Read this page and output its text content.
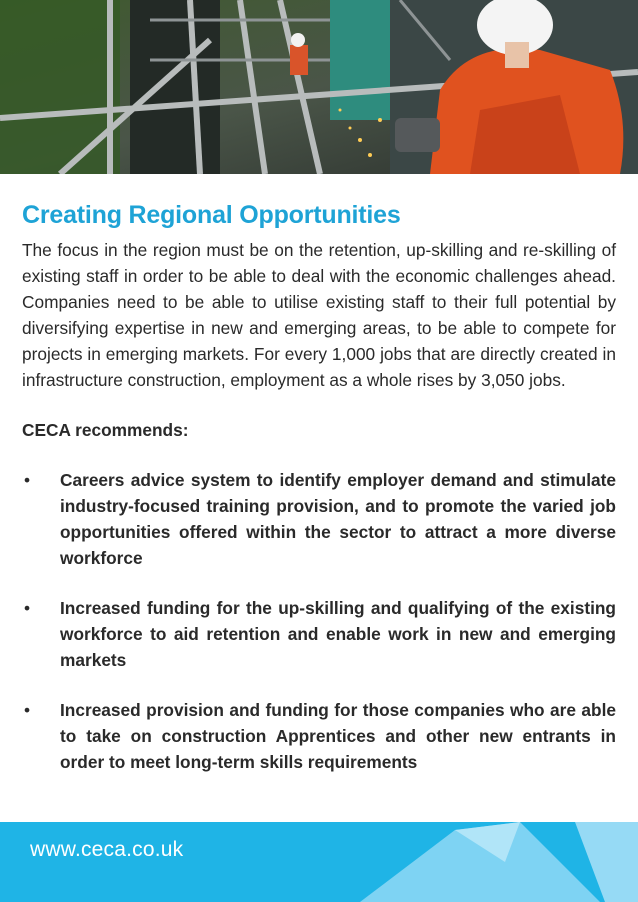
Creating Regional Opportunities

The focus in the region must be on the retention, up-skilling and re-skilling of existing staff in order to be able to deal with the economic challenges ahead. Companies need to be able to utilise existing staff to their full potential by diversifying expertise in new and emerging areas, to be able to compete for projects in emerging markets. For every 1,000 jobs that are directly created in infrastructure construction, employment as a whole rises by 3,050 jobs.

CECA recommends:

• Careers advice system to identify employer demand and stimulate industry-focused training provision, and to promote the varied job opportunities offered within the sector to attract a more diverse workforce
• Increased funding for the up-skilling and qualifying of the existing workforce to aid retention and enable work in new and emerging markets
• Increased provision and funding for those companies who are able to take on construction Apprentices and other new entrants in order to meet long-term skills requirements
www.ceca.co.uk
